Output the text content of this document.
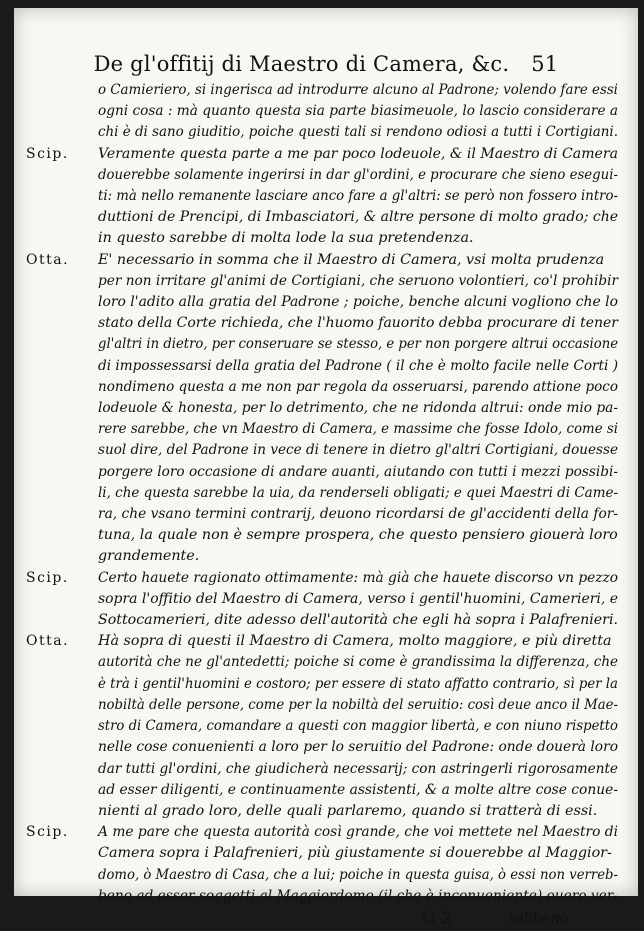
De gl'offitij di Maestro di Camera, &c. 51
o Camieriero, si ingerisca ad introdurre alcuno al Padrone; volendo fare essi
ogni cosa : mà quanto questa sia parte biasimeuole, lo lascio considerare a
chi è di sano giuditio, poiche questi tali si rendono odiosi a tutti i Cortigiani.
Scip. Veramente questa parte a me par poco lodeuole, & il Maestro di Camera
douerebbe solamente ingerirsi in dar gl'ordini, e procurare che sieno esegui-
ti: mà nello remanente lasciare anco fare a gl'altri: se però non fossero intro-
duttioni de Prencipi, di Imbasciatori, & altre persone di molto grado; che
in questo sarebbe di molta lode la sua pretendenza.
Otta. E' necessario in somma che il Maestro di Camera, vsi molta prudenza
per non irritare gl'animi de Cortigiani, che seruono volontieri, co'l prohibir
loro l'adito alla gratia del Padrone ; poiche, benche alcuni vogliono che lo
stato della Corte richieda, che l'huomo fauorito debba procurare di tener
gl'altri in dietro, per conseruare se stesso, e per non porgere altrui occasione
di impossessarsi della gratia del Padrone ( il che è molto facile nelle Corti )
nondimeno questa a me non par regola da osseruarsi, parendo attione poco
lodeuole & honesta, per lo detrimento, che ne ridonda altrui: onde mio pa-
rere sarebbe, che vn Maestro di Camera, e massime che fosse Idolo, come si
suol dire, del Padrone in vece di tenere in dietro gl'altri Cortigiani, douesse
porgere loro occasione di andare auanti, aiutando con tutti i mezzi possibi-
li, che questa sarebbe la uia, da renderseli obligati; e quei Maestri di Came-
ra, che vsano termini contrarij, deuono ricordarsi de gl'accidenti della for-
tuna, la quale non è sempre prospera, che questo pensiero giouerà loro
grandemente.
Scip. Certo hauete ragionato ottimamente: mà già che hauete discorso vn pezzo
sopra l'offitio del Maestro di Camera, verso i gentil'huomini, Camerieri, e
Sottocamerieri, dite adesso dell'autorità che egli hà sopra i Palafrenieri.
Otta. Hà sopra di questi il Maestro di Camera, molto maggiore, e più diretta
autorità che ne gl'antedetti; poiche si come è grandissima la differenza, che
è trà i gentil'huomini e costoro; per essere di stato affatto contrario, sì per la
nobiltà delle persone, come per la nobiltà del seruitio: così deue anco il Mae-
stro di Camera, comandare a questi con maggior libertà, e con niuno rispetto
nelle cose conuenienti a loro per lo seruitio del Padrone: onde douerà loro
dar tutti gl'ordini, che giudicherà necessarij; con astringerli rigorosamente
ad esser diligenti, e continuamente assistenti, & a molte altre cose conue-
nienti al grado loro, delle quali parlaremo, quando si tratterà di essi.
Scip. A me pare che questa autorità così grande, che voi mettete nel Maestro di
Camera sopra i Palafrenieri, più giustamente si douerebbe al Maggior-
domo, ò Maestro di Casa, che a lui; poiche in questa guisa, ò essi non verreb-
beno ad esser soggetti al Maggiordomo (il che è inconueniente) ouero ver-
G 2	rebbeno
